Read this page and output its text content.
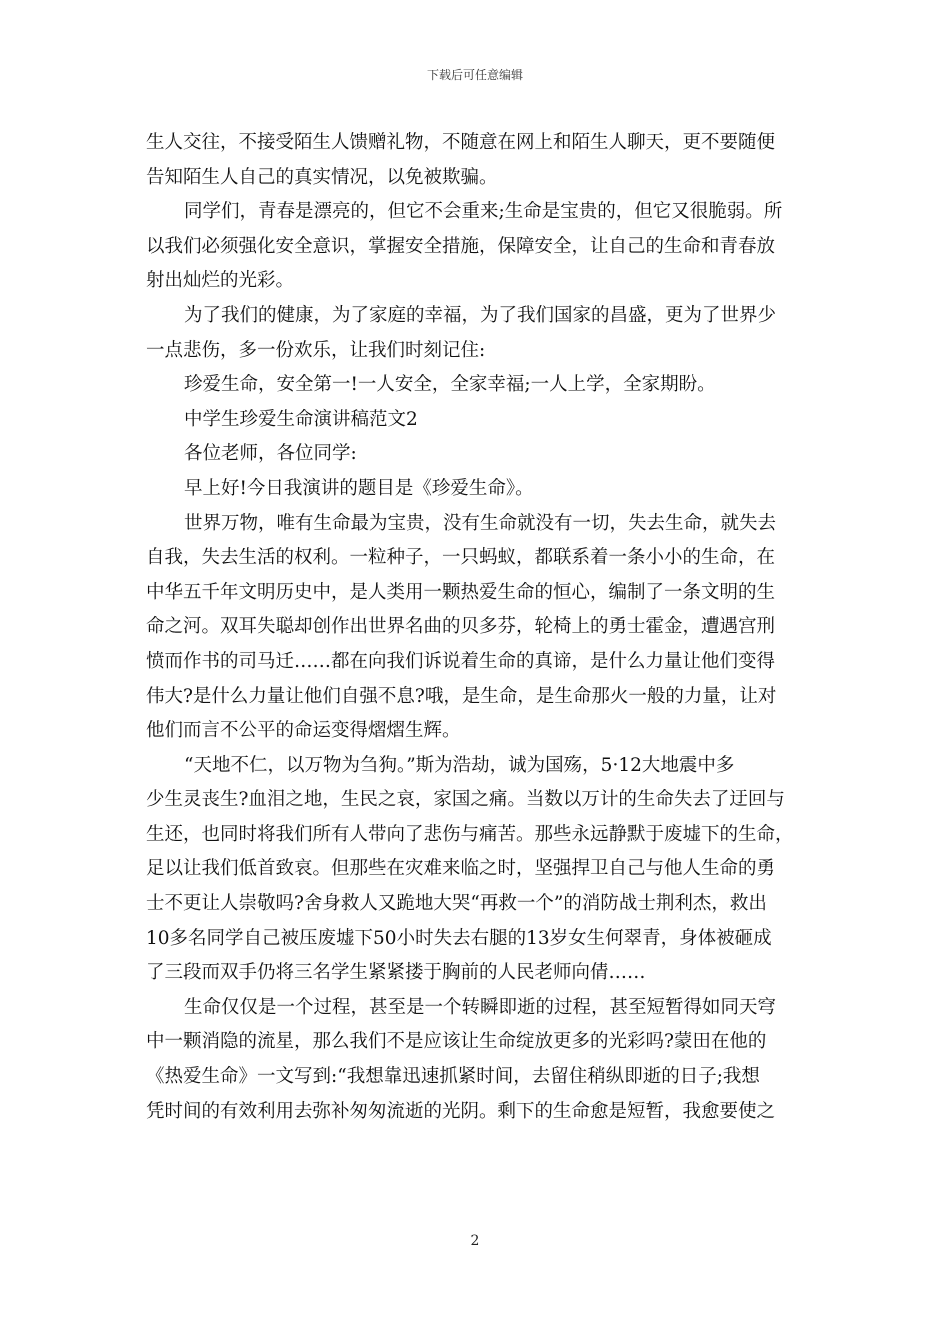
下载后可任意编辑
生人交往，不接受陌生人馈赠礼物，不随意在网上和陌生人聊天，更不要随便
告知陌生人自己的真实情况，以免被欺骗。
同学们，青春是漂亮的，但它不会重来;生命是宝贵的，但它又很脆弱。所
以我们必须强化安全意识，掌握安全措施，保障安全，让自己的生命和青春放
射出灿烂的光彩。
为了我们的健康，为了家庭的幸福，为了我们国家的昌盛，更为了世界少
一点悲伤，多一份欢乐，让我们时刻记住:
珍爱生命，安全第一!一人安全，全家幸福;一人上学，全家期盼。
中学生珍爱生命演讲稿范文2
各位老师，各位同学:
早上好!今日我演讲的题目是《珍爱生命》。
世界万物，唯有生命最为宝贵，没有生命就没有一切，失去生命，就失去
自我，失去生活的权利。一粒种子，一只蚂蚁，都联系着一条小小的生命，在
中华五千年文明历史中，是人类用一颗热爱生命的恒心，编制了一条文明的生
命之河。双耳失聪却创作出世界名曲的贝多芬，轮椅上的勇士霍金，遭遇宫刑
愤而作书的司马迁……都在向我们诉说着生命的真谛，是什么力量让他们变得
伟大?是什么力量让他们自强不息?哦，是生命，是生命那火一般的力量，让对
他们而言不公平的命运变得熠熠生辉。
“天地不仁，以万物为刍狗。”斯为浩劫，诚为国殇，5·12大地震中多
少生灵丧生?血泪之地，生民之哀，家国之痛。当数以万计的生命失去了迂回与
生还，也同时将我们所有人带向了悲伤与痛苦。那些永远静默于废墟下的生命，
足以让我们低首致哀。但那些在灾难来临之时，坚强捍卫自己与他人生命的勇
士不更让人崇敬吗?舍身救人又跪地大哭“再救一个”的消防战士荆利杰，救出
10多名同学自己被压废墟下50小时失去右腿的13岁女生何翠青，身体被砸成
了三段而双手仍将三名学生紧紧搂于胸前的人民老师向倩……
生命仅仅是一个过程，甚至是一个转瞬即逝的过程，甚至短暂得如同天穹
中一颗消隐的流星，那么我们不是应该让生命绽放更多的光彩吗?蒙田在他的
《热爱生命》一文写到:“我想靠迅速抓紧时间，去留住稍纵即逝的日子;我想
凭时间的有效利用去弥补匆匆流逝的光阴。剩下的生命愈是短暂，我愈要使之
2
